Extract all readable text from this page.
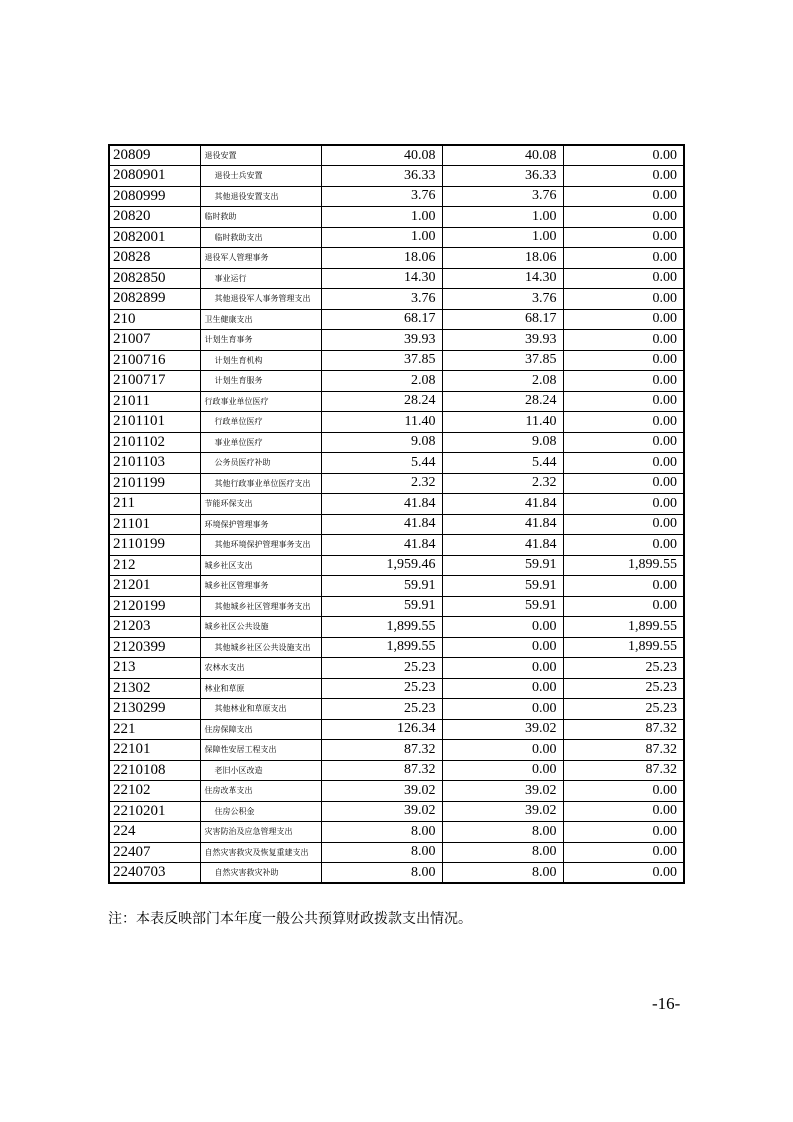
20809	退役安置	40.08	40.08	0.00
2080901	退役士兵安置	36.33	36.33	0.00
2080999	其他退役安置支出	3.76	3.76	0.00
20820	临时救助	1.00	1.00	0.00
2082001	临时救助支出	1.00	1.00	0.00
20828	退役军人管理事务	18.06	18.06	0.00
2082850	事业运行	14.30	14.30	0.00
2082899	其他退役军人事务管理支出	3.76	3.76	0.00
210	卫生健康支出	68.17	68.17	0.00
21007	计划生育事务	39.93	39.93	0.00
2100716	计划生育机构	37.85	37.85	0.00
2100717	计划生育服务	2.08	2.08	0.00
21011	行政事业单位医疗	28.24	28.24	0.00
2101101	行政单位医疗	11.40	11.40	0.00
2101102	事业单位医疗	9.08	9.08	0.00
2101103	公务员医疗补助	5.44	5.44	0.00
2101199	其他行政事业单位医疗支出	2.32	2.32	0.00
211	节能环保支出	41.84	41.84	0.00
21101	环境保护管理事务	41.84	41.84	0.00
2110199	其他环境保护管理事务支出	41.84	41.84	0.00
212	城乡社区支出	1,959.46	59.91	1,899.55
21201	城乡社区管理事务	59.91	59.91	0.00
2120199	其他城乡社区管理事务支出	59.91	59.91	0.00
21203	城乡社区公共设施	1,899.55	0.00	1,899.55
2120399	其他城乡社区公共设施支出	1,899.55	0.00	1,899.55
213	农林水支出	25.23	0.00	25.23
21302	林业和草原	25.23	0.00	25.23
2130299	其他林业和草原支出	25.23	0.00	25.23
221	住房保障支出	126.34	39.02	87.32
22101	保障性安居工程支出	87.32	0.00	87.32
2210108	老旧小区改造	87.32	0.00	87.32
22102	住房改革支出	39.02	39.02	0.00
2210201	住房公积金	39.02	39.02	0.00
224	灾害防治及应急管理支出	8.00	8.00	0.00
22407	自然灾害救灾及恢复重建支出	8.00	8.00	0.00
2240703	自然灾害救灾补助	8.00	8.00	0.00
注：本表反映部门本年度一般公共预算财政拨款支出情况。
-16-
